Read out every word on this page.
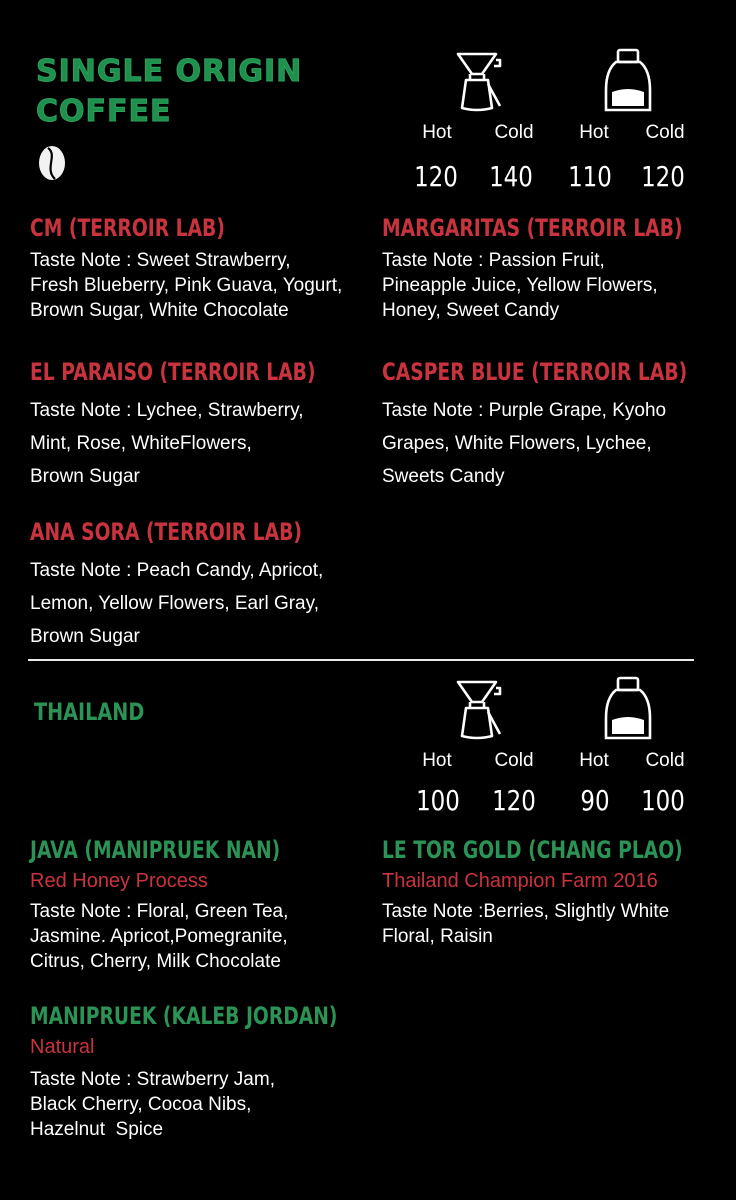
SINGLE ORIGIN
COFFEE
Hot	Cold	Hot	Cold
120 140 110 120
CM (TERROIR LAB)
Taste Note : Sweet Strawberry,
Fresh Blueberry, Pink Guava, Yogurt,
Brown Sugar, White Chocolate
MARGARITAS (TERROIR LAB)
Taste Note : Passion Fruit,
Pineapple Juice, Yellow Flowers,
Honey, Sweet Candy
EL PARAISO (TERROIR LAB)
Taste Note : Lychee, Strawberry,
Mint, Rose, WhiteFlowers,
Brown Sugar
CASPER BLUE (TERROIR LAB)
Taste Note : Purple Grape, Kyoho
Grapes, White Flowers, Lychee,
Sweets Candy
ANA SORA (TERROIR LAB)
Taste Note : Peach Candy, Apricot,
Lemon, Yellow Flowers, Earl Gray,
Brown Sugar
THAILAND
Hot	Cold	Hot	Cold
100 120	90	100
JAVA (MANIPRUEK NAN)
Red Honey Process
Taste Note : Floral, Green Tea,
Jasmine. Apricot,Pomegranite,
Citrus, Cherry, Milk Chocolate
LE TOR GOLD (CHANG PLAO)
Thailand Champion Farm 2016
Taste Note :Berries, Slightly White
Floral, Raisin
MANIPRUEK (KALEB JORDAN)
Natural
Taste Note : Strawberry Jam,
Black Cherry, Cocoa Nibs,
Hazelnut  Spice
